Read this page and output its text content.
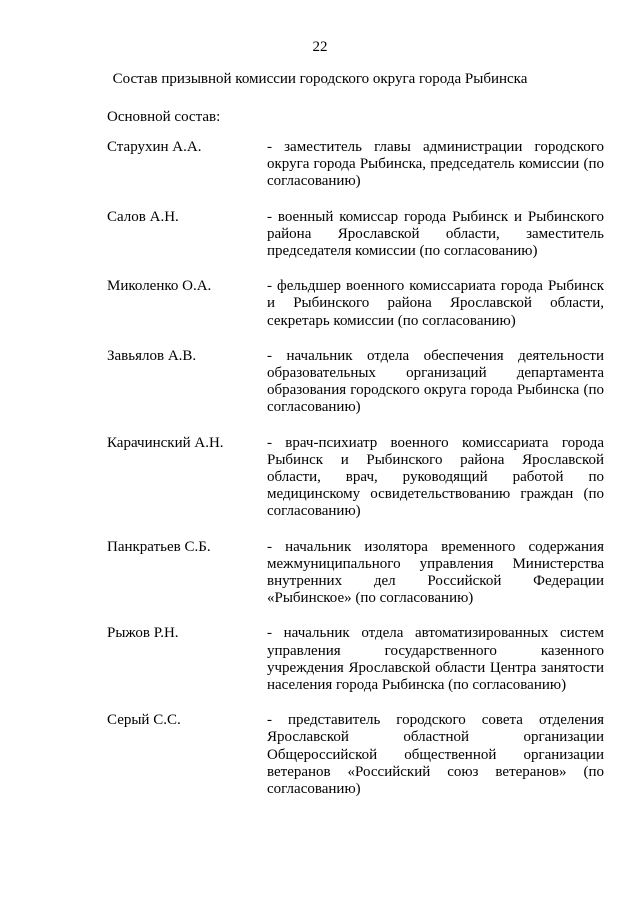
22
Состав призывной комиссии городского округа города Рыбинска
Основной состав:
Старухин А.А.	- заместитель главы администрации городского округа города Рыбинска, председатель комиссии (по согласованию)
Салов А.Н.	- военный комиссар города Рыбинск и Рыбинского района Ярославской области, заместитель председателя комиссии (по согласованию)
Миколенко О.А.	- фельдшер военного комиссариата города Рыбинск и Рыбинского района Ярославской области, секретарь комиссии (по согласованию)
Завьялов А.В.	- начальник отдела обеспечения деятельности образовательных организаций департамента образования городского округа города Рыбинска (по согласованию)
Карачинский А.Н.	- врач-психиатр военного комиссариата города Рыбинск и Рыбинского района Ярославской области, врач, руководящий работой по медицинскому освидетельствованию граждан (по согласованию)
Панкратьев С.Б.	- начальник изолятора временного содержания межмуниципального управления Министерства внутренних дел Российской Федерации «Рыбинское» (по согласованию)
Рыжов Р.Н.	- начальник отдела автоматизированных систем управления государственного казенного учреждения Ярославской области Центра занятости населения города Рыбинска (по согласованию)
Серый С.С.	- представитель городского совета отделения Ярославской областной организации Общероссийской общественной организации ветеранов «Российский союз ветеранов» (по согласованию)
